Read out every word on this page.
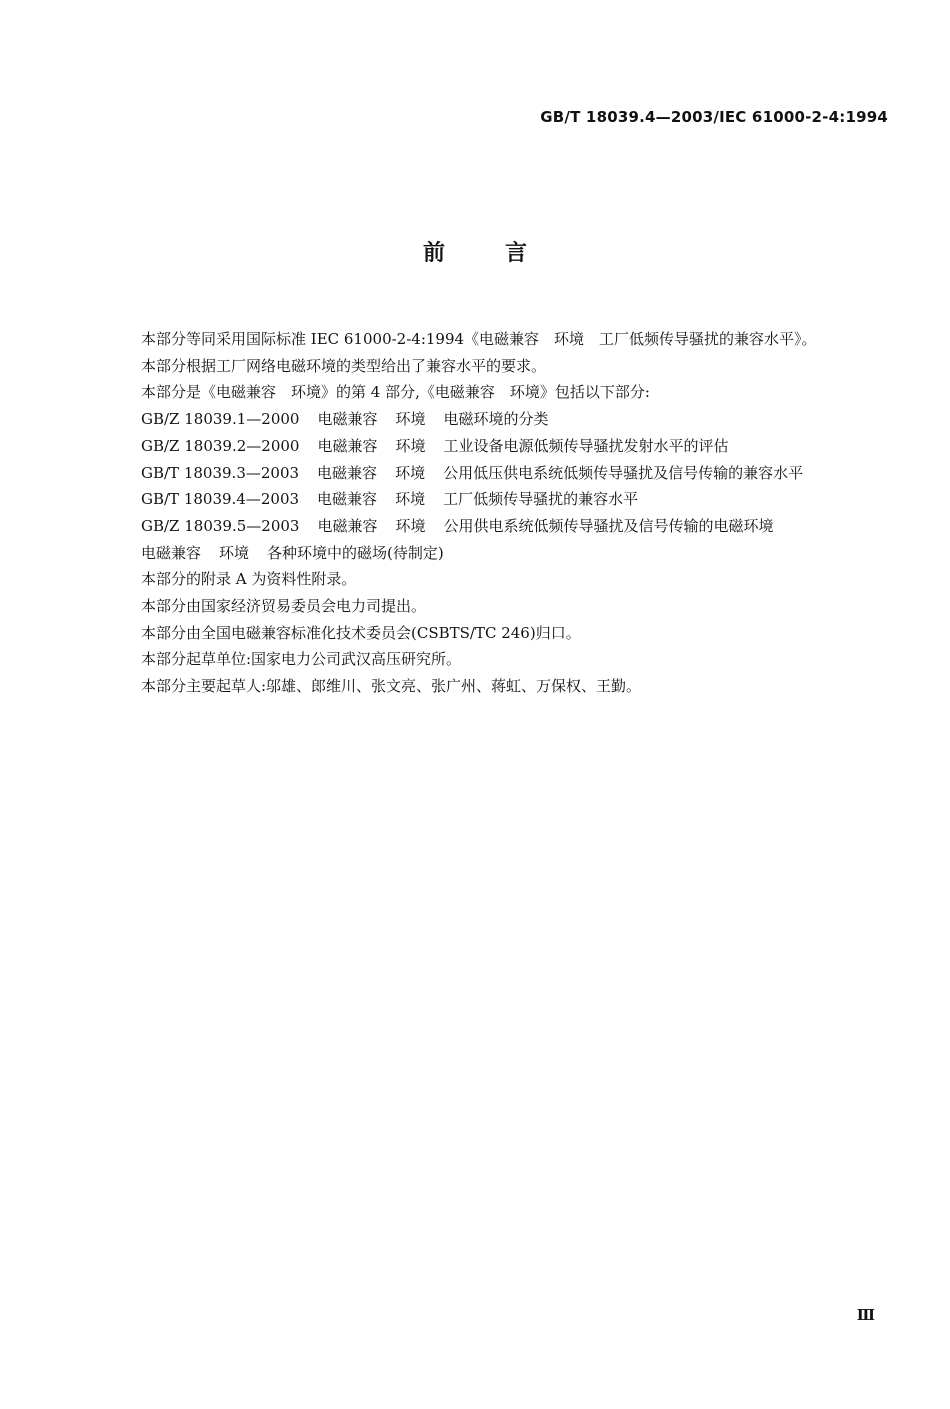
GB/T 18039.4—2003/IEC 61000-2-4:1994
前言

本部分等同采用国际标准 IEC 61000-2-4:1994《电磁兼容　环境　工厂低频传导骚扰的兼容水平》。

本部分根据工厂网络电磁环境的类型给出了兼容水平的要求。

本部分是《电磁兼容　环境》的第 4 部分,《电磁兼容　环境》包括以下部分:

GB/Z 18039.1—2000 电磁兼容 环境 电磁环境的分类

GB/Z 18039.2—2000 电磁兼容 环境 工业设备电源低频传导骚扰发射水平的评估

GB/T 18039.3—2003 电磁兼容 环境 公用低压供电系统低频传导骚扰及信号传输的兼容水平

GB/T 18039.4—2003 电磁兼容 环境 工厂低频传导骚扰的兼容水平

GB/Z 18039.5—2003 电磁兼容 环境 公用供电系统低频传导骚扰及信号传输的电磁环境

电磁兼容 环境 各种环境中的磁场(待制定)

本部分的附录 A 为资料性附录。

本部分由国家经济贸易委员会电力司提出。

本部分由全国电磁兼容标准化技术委员会(CSBTS/TC 246)归口。

本部分起草单位:国家电力公司武汉高压研究所。

本部分主要起草人:邬雄、郎维川、张文亮、张广州、蒋虹、万保权、王勤。

Ⅲ
